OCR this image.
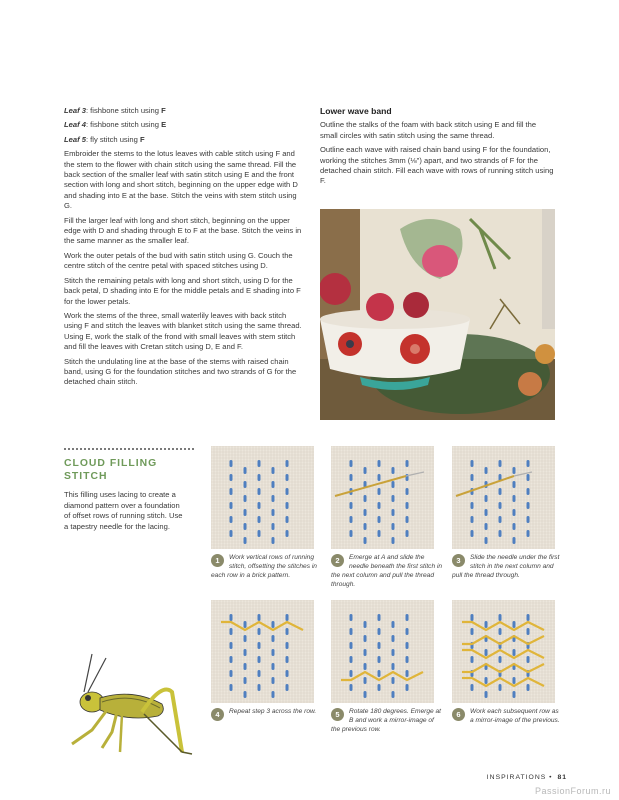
Leaf 3: fishbone stitch using F

Leaf 4: fishbone stitch using E

Leaf 5: fly stitch using F

Embroider the stems to the lotus leaves with cable stitch using F and the stem to the flower with chain stitch using the same thread. Fill the back section of the smaller leaf with satin stitch using E and the front section with long and short stitch, beginning on the upper edge with D and shading into E at the base. Stitch the veins with stem stitch using G.

Fill the larger leaf with long and short stitch, beginning on the upper edge with D and shading through E to F at the base. Stitch the veins in the same manner as the smaller leaf.

Work the outer petals of the bud with satin stitch using G. Couch the centre stitch of the centre petal with spaced stitches using D.

Stitch the remaining petals with long and short stitch, using D for the back petal, D shading into E for the middle petals and E shading into F for the lower petals.

Work the stems of the three, small waterlily leaves with back stitch using F and stitch the leaves with blanket stitch using the same thread. Using E, work the stalk of the frond with small leaves with stem stitch and fill the leaves with Cretan stitch using D, E and F.

Stitch the undulating line at the base of the stems with raised chain band, using G for the foundation stitches and two strands of G for the detached chain stitch.

Lower wave band

Outline the stalks of the foam with back stitch using E and fill the small circles with satin stitch using the same thread.

Outline each wave with raised chain band using F for the foundation, working the stitches 3mm (⅛") apart, and two strands of F for the detached chain stitch. Fill each wave with rows of running stitch using F.

CLOUD FILLING STITCH
This filling uses lacing to create a diamond pattern over a foundation of offset rows of running stitch. Use a tapestry needle for the lacing.
1	Work vertical rows of running stitch, offsetting the stitches in each row in a brick pattern.
2	Emerge at A and slide the needle beneath the first stitch in the next column and pull the thread through.
3	Slide the needle under the first stitch in the next column and pull the thread through.
4	Repeat step 3 across the row.	5	Rotate 180 degrees. Emerge at B and work a mirror-image of the previous row.
6	Work each subsequent row as a mirror-image of the previous.
INSPIRATIONS • 81
PassionForum.ru
